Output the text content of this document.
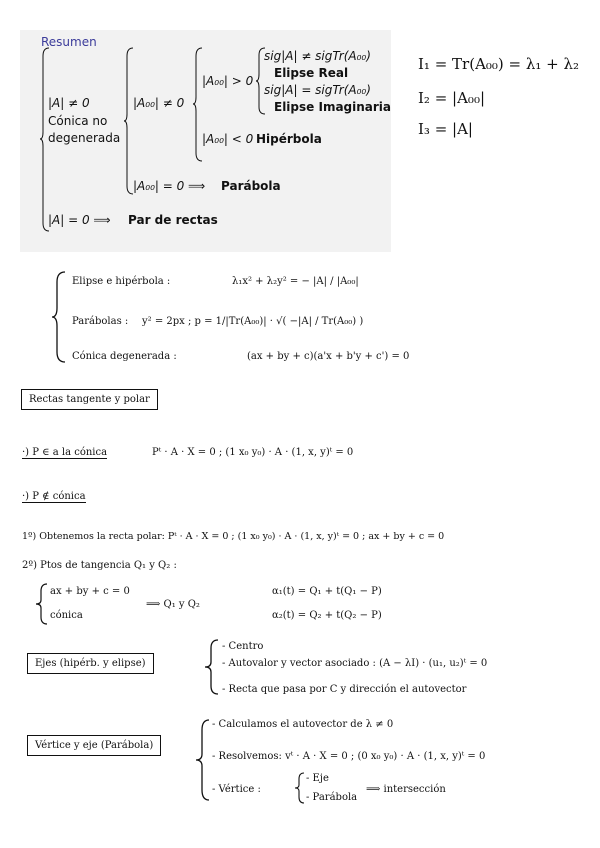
Resumen
|A| ≠ 0
Cónica no
degenerada
|A₀₀| ≠ 0
|A₀₀| > 0
sig|A| ≠ sigTr(A₀₀)
Elipse Real
sig|A| = sigTr(A₀₀)
Elipse Imaginaria
|A₀₀| < 0 Hipérbola
|A₀₀| = 0 ⟹ Parábola
|A| = 0 ⟹ Par de rectas
I₁ = Tr(A₀₀) = λ₁ + λ₂
I₂ = |A₀₀|
I₃ = |A|
Elipse e hipérbola :	λ₁x² + λ₂y² = − |A| / |A₀₀|
Parábolas : y² = 2px ; p = 1/|Tr(A₀₀)| · √( −|A| / Tr(A₀₀) )
Cónica degenerada :	(ax + by + c)(a'x + b'y + c') = 0
Rectas tangente y polar
·) P ∈ a la cónica	Pᵗ · A · X = 0 ; (1 x₀ y₀) · A · (1, x, y)ᵗ = 0
·) P ∉ cónica
1º) Obtenemos la recta polar: Pᵗ · A · X = 0 ; (1 x₀ y₀) · A · (1, x, y)ᵗ = 0 ; ax + by + c = 0
2º) Ptos de tangencia Q₁ y Q₂ :
ax + by + c = 0
cónica
⟹ Q₁ y Q₂
α₁(t) = Q₁ + t(Q₁ − P)
α₂(t) = Q₂ + t(Q₂ − P)
Ejes (hipérb. y elipse)
- Centro
- Autovalor y vector asociado : (A − λI) · (u₁, u₂)ᵗ = 0
- Recta que pasa por C y dirección el autovector
Vértice y eje (Parábola)
- Calculamos el autovector de λ ≠ 0
- Resolvemos: vᵗ · A · X = 0 ; (0 x₀ y₀) · A · (1, x, y)ᵗ = 0
- Vértice :
- Eje
- Parábola
⟹ intersección
